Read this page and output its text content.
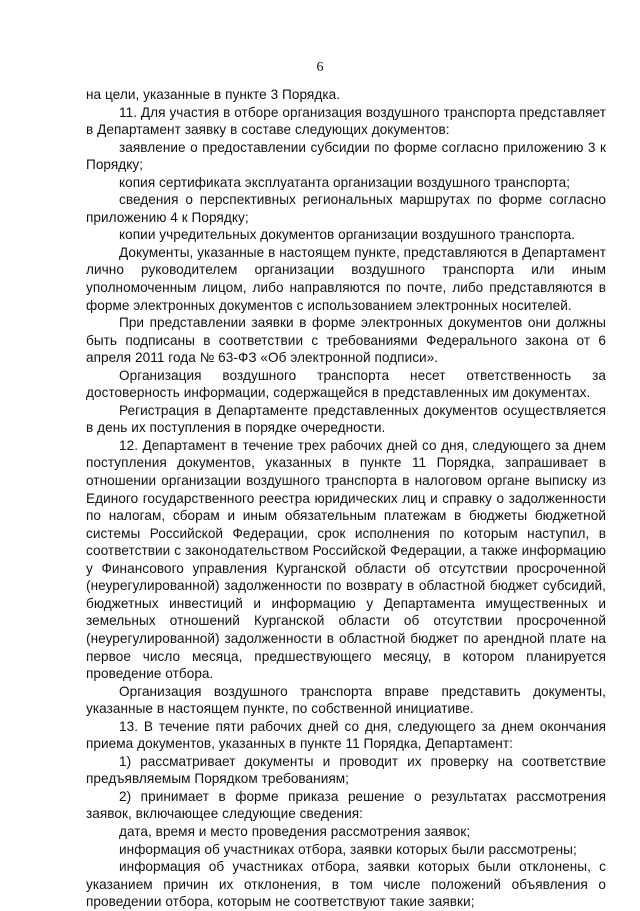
6

на цели, указанные в пункте 3 Порядка.

11. Для участия в отборе организация воздушного транспорта представляет в Департамент заявку в составе следующих документов:

заявление о предоставлении субсидии по форме согласно приложению 3 к Порядку;

копия сертификата эксплуатанта организации воздушного транспорта;

сведения о перспективных региональных маршрутах по форме согласно приложению 4 к Порядку;

копии учредительных документов организации воздушного транспорта.

Документы, указанные в настоящем пункте, представляются в Департамент лично руководителем организации воздушного транспорта или иным уполномоченным лицом, либо направляются по почте, либо представляются в форме электронных документов с использованием электронных носителей.

При представлении заявки в форме электронных документов они должны быть подписаны в соответствии с требованиями Федерального закона от 6 апреля 2011 года № 63-ФЗ «Об электронной подписи».

Организация воздушного транспорта несет ответственность за достоверность информации, содержащейся в представленных им документах.

Регистрация в Департаменте представленных документов осуществляется в день их поступления в порядке очередности.

12. Департамент в течение трех рабочих дней со дня, следующего за днем поступления документов, указанных в пункте 11 Порядка, запрашивает в отношении организации воздушного транспорта в налоговом органе выписку из Единого государственного реестра юридических лиц и справку о задолженности по налогам, сборам и иным обязательным платежам в бюджеты бюджетной системы Российской Федерации, срок исполнения по которым наступил, в соответствии с законодательством Российской Федерации, а также информацию у Финансового управления Курганской области об отсутствии просроченной (неурегулированной) задолженности по возврату в областной бюджет субсидий, бюджетных инвестиций и информацию у Департамента имущественных и земельных отношений Курганской области об отсутствии просроченной (неурегулированной) задолженности в областной бюджет по арендной плате на первое число месяца, предшествующего месяцу, в котором планируется проведение отбора.

Организация воздушного транспорта вправе представить документы, указанные в настоящем пункте, по собственной инициативе.

13. В течение пяти рабочих дней со дня, следующего за днем окончания приема документов, указанных в пункте 11 Порядка, Департамент:

1) рассматривает документы и проводит их проверку на соответствие предъявляемым Порядком требованиям;

2) принимает в форме приказа решение о результатах рассмотрения заявок, включающее следующие сведения:

дата, время и место проведения рассмотрения заявок;

информация об участниках отбора, заявки которых были рассмотрены;

информация об участниках отбора, заявки которых были отклонены, с указанием причин их отклонения, в том числе положений объявления о проведении отбора, которым не соответствуют такие заявки;
